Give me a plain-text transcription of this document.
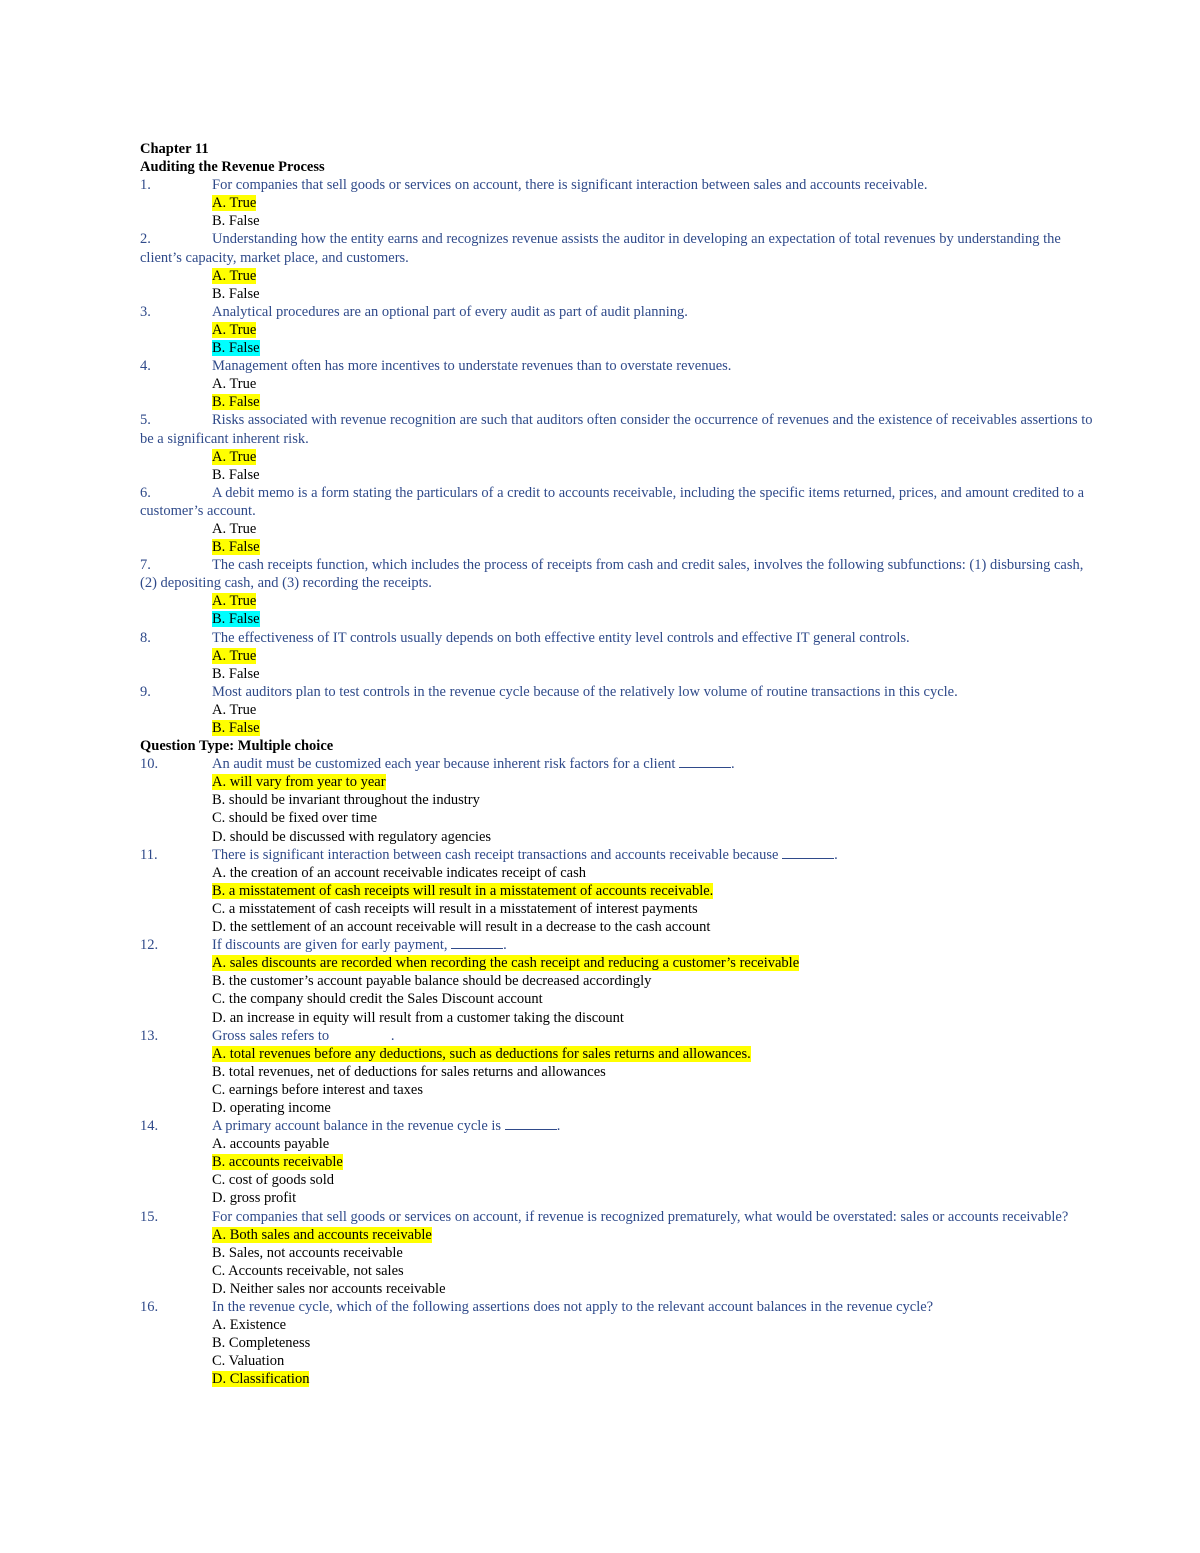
Chapter 11
Auditing the Revenue Process
1.	For companies that sell goods or services on account, there is significant interaction between sales and accounts receivable.
A. True
B. False
2.	Understanding how the entity earns and recognizes revenue assists the auditor in developing an expectation of total revenues by understanding the client’s capacity, market place, and customers.
A. True
B. False
3.	Analytical procedures are an optional part of every audit as part of audit planning.
A. True
B. False
4.	Management often has more incentives to understate revenues than to overstate revenues.
A. True
B. False
5.	Risks associated with revenue recognition are such that auditors often consider the occurrence of revenues and the existence of receivables assertions to be a significant inherent risk.
A. True
B. False
6.	A debit memo is a form stating the particulars of a credit to accounts receivable, including the specific items returned, prices, and amount credited to a customer’s account.
A. True
B. False
7.	The cash receipts function, which includes the process of receipts from cash and credit sales, involves the following subfunctions: (1) disbursing cash, (2) depositing cash, and (3) recording the receipts.
A. True
B. False
8.	The effectiveness of IT controls usually depends on both effective entity level controls and effective IT general controls.
A. True
B. False
9.	Most auditors plan to test controls in the revenue cycle because of the relatively low volume of routine transactions in this cycle.
A. True
B. False
Question Type: Multiple choice
10.	An audit must be customized each year because inherent risk factors for a client	.
A. will vary from year to year
B. should be invariant throughout the industry
C. should be fixed over time
D. should be discussed with regulatory agencies
11.	There is significant interaction between cash receipt transactions and accounts receivable because	.
A. the creation of an account receivable indicates receipt of cash
B. a misstatement of cash receipts will result in a misstatement of accounts receivable.
C. a misstatement of cash receipts will result in a misstatement of interest payments
D. the settlement of an account receivable will result in a decrease to the cash account
12.	If discounts are given for early payment,	.
A. sales discounts are recorded when recording the cash receipt and reducing a customer’s receivable
B. the customer’s account payable balance should be decreased accordingly
C. the company should credit the Sales Discount account
D. an increase in equity will result from a customer taking the discount
13.	Gross sales refers to	.
A. total revenues before any deductions, such as deductions for sales returns and allowances.
B. total revenues, net of deductions for sales returns and allowances
C. earnings before interest and taxes
D. operating income
14.	A primary account balance in the revenue cycle is	.
A. accounts payable
B. accounts receivable
C. cost of goods sold
D. gross profit
15.	For companies that sell goods or services on account, if revenue is recognized prematurely, what would be overstated: sales or accounts receivable?
A. Both sales and accounts receivable
B. Sales, not accounts receivable
C. Accounts receivable, not sales
D. Neither sales nor accounts receivable
16.	In the revenue cycle, which of the following assertions does not apply to the relevant account balances in the revenue cycle?
A. Existence
B. Completeness
C. Valuation
D. Classification
